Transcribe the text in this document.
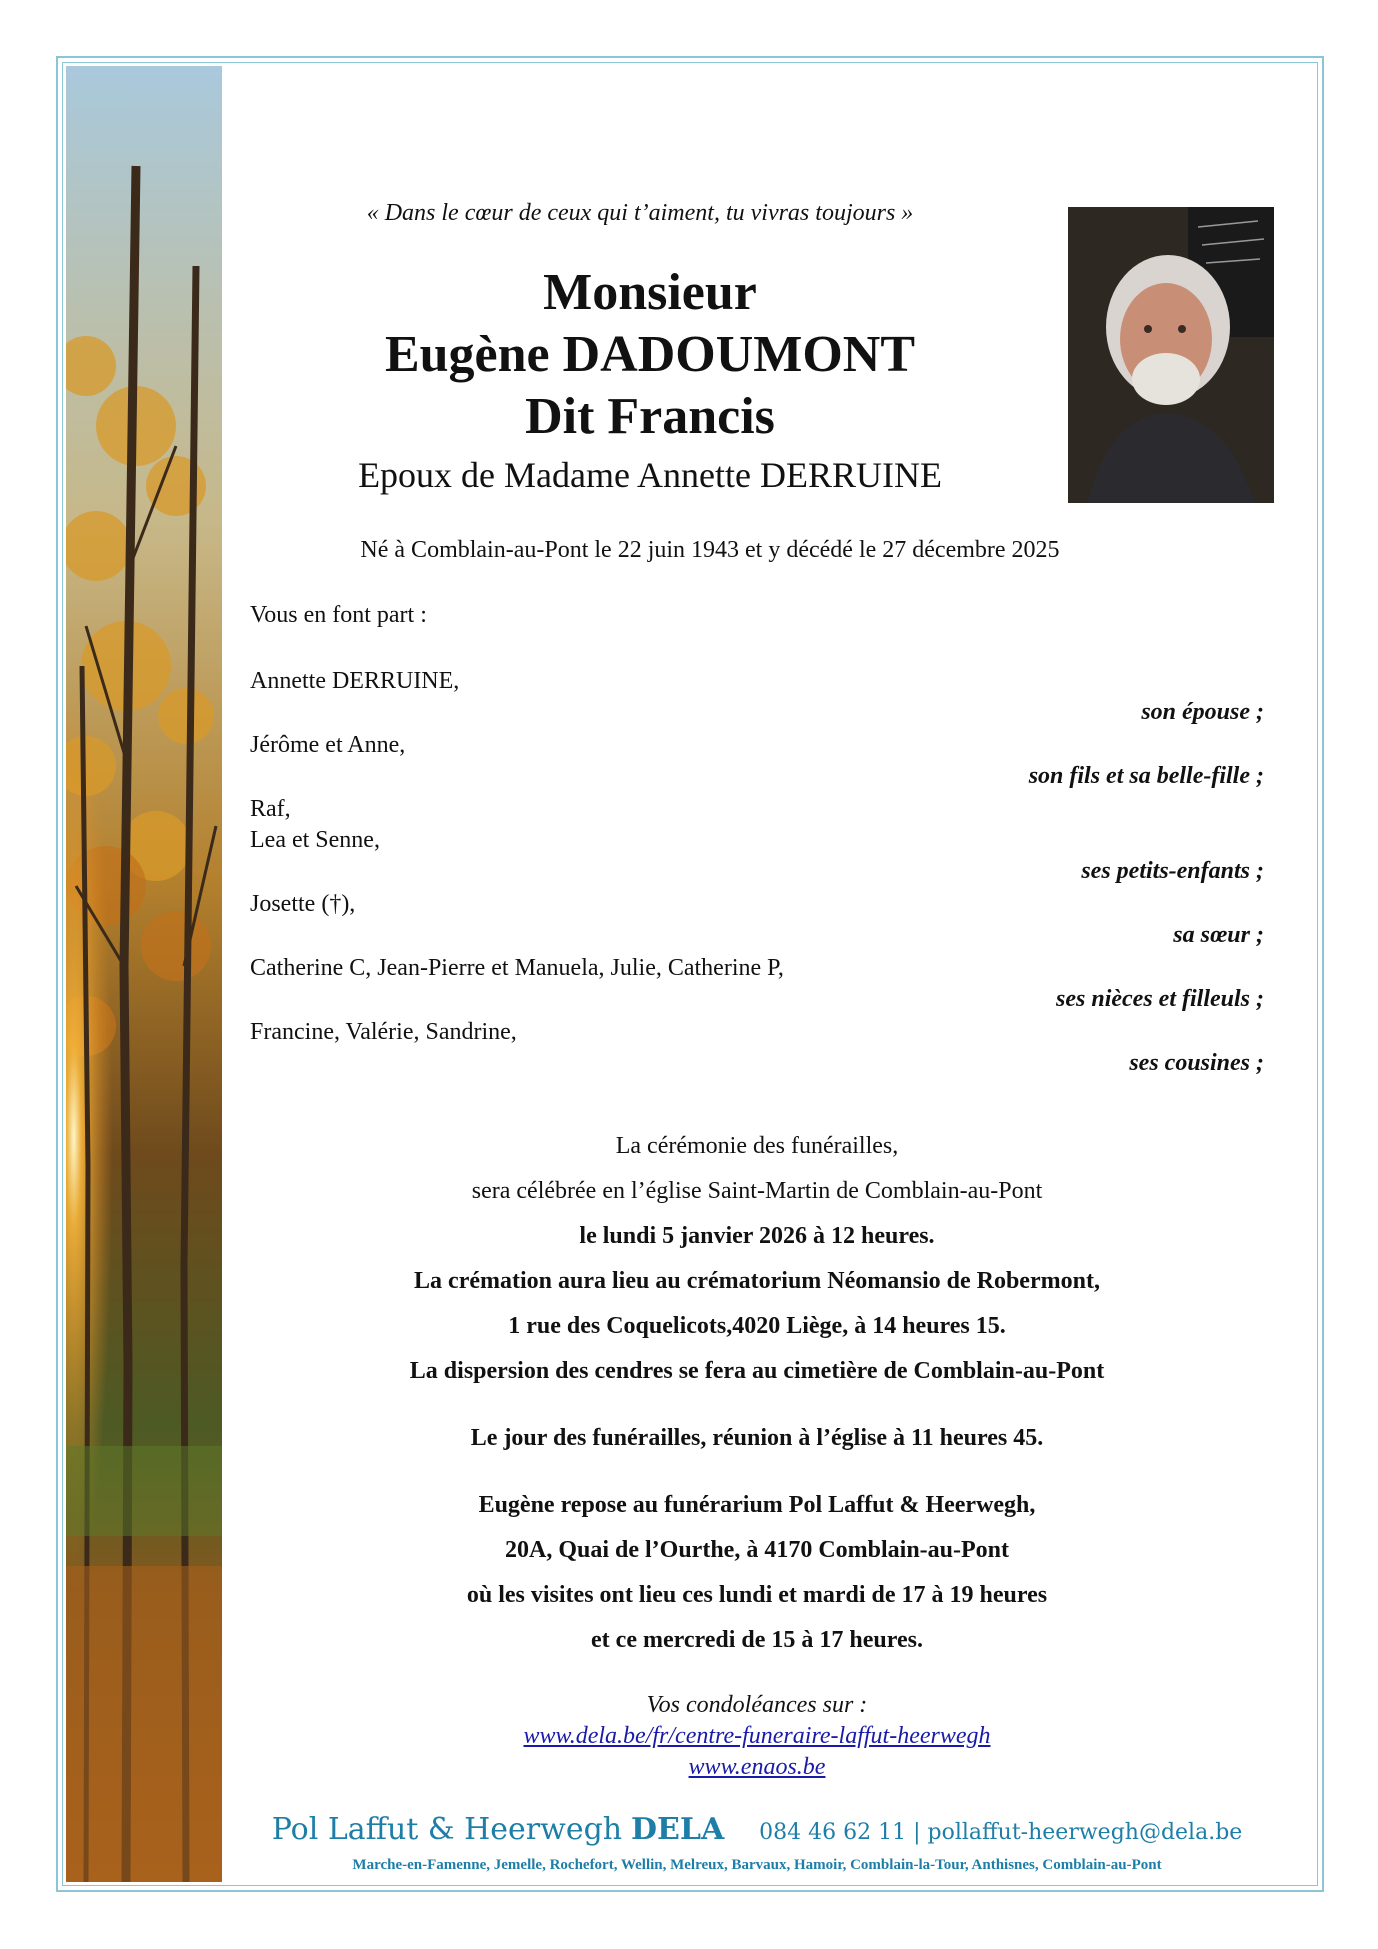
« Dans le cœur de ceux qui t’aiment, tu vivras toujours »
Monsieur
Eugène DADOUMONT
Dit Francis
Epoux de Madame Annette DERRUINE
Né à Comblain-au-Pont le 22 juin 1943 et y décédé le 27 décembre 2025
Vous en font part :
Annette DERRUINE,
son épouse ;
Jérôme et Anne,
son fils et sa belle-fille ;
Raf,
Lea et Senne,
ses petits-enfants ;
Josette (†),
sa sœur ;
Catherine C, Jean-Pierre et Manuela, Julie, Catherine P,
ses nièces et filleuls ;
Francine, Valérie, Sandrine,
ses cousines ;
La cérémonie des funérailles,
sera célébrée en l’église Saint-Martin de Comblain-au-Pont
le lundi 5 janvier 2026 à 12 heures.
La crémation aura lieu au crématorium Néomansio de Robermont,
1 rue des Coquelicots,4020 Liège, à 14 heures 15.
La dispersion des cendres se fera au cimetière de Comblain-au-Pont
Le jour des funérailles, réunion à l’église à 11 heures 45.
Eugène repose au funérarium Pol Laffut & Heerwegh,
20A, Quai de l’Ourthe, à 4170 Comblain-au-Pont
où les visites ont lieu ces lundi et mardi de 17 à 19 heures
et ce mercredi de 15 à 17 heures.
Vos condoléances sur :
www.dela.be/fr/centre-funeraire-laffut-heerwegh
www.enaos.be
Pol Laffut & Heerwegh DELA 084 46 62 11 | pollaffut-heerwegh@dela.be
Marche-en-Famenne, Jemelle, Rochefort, Wellin, Melreux, Barvaux, Hamoir, Comblain-la-Tour, Anthisnes, Comblain-au-Pont
